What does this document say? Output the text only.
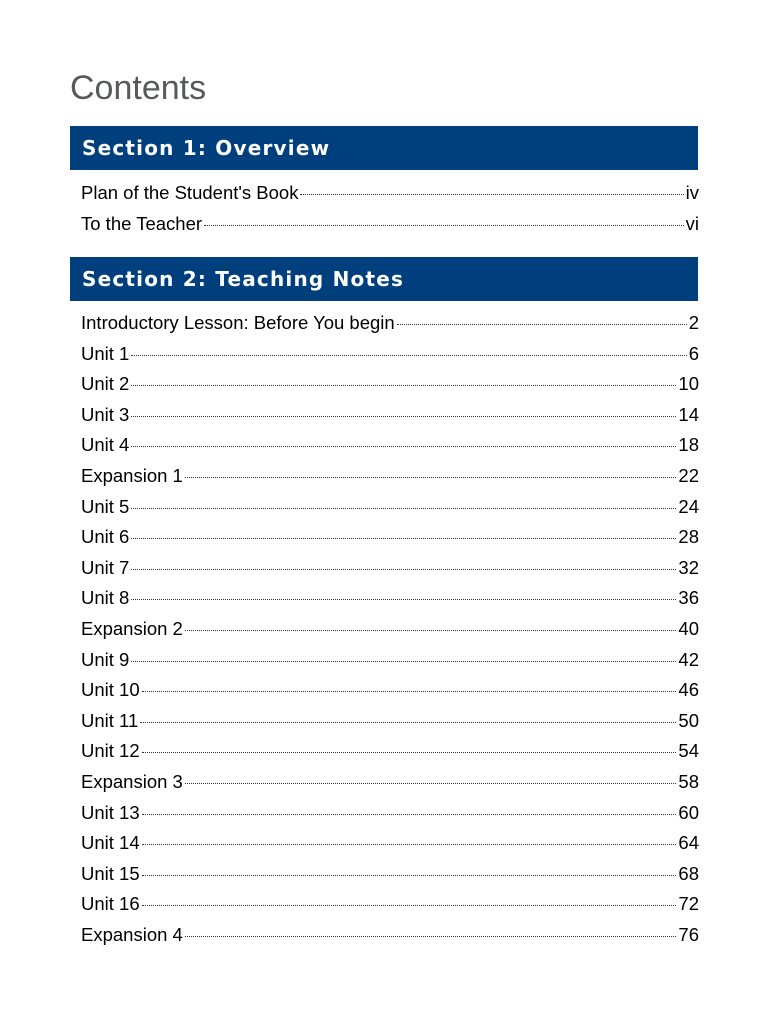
Contents
Section 1: Overview
Plan of the Student's Book	iv
To the Teacher	vi
Section 2: Teaching Notes
Introductory Lesson: Before You begin	2
Unit 1	6
Unit 2	10
Unit 3	14
Unit 4	18
Expansion 1	22
Unit 5	24
Unit 6	28
Unit 7	32
Unit 8	36
Expansion 2	40
Unit 9	42
Unit 10	46
Unit 11	50
Unit 12	54
Expansion 3	58
Unit 13	60
Unit 14	64
Unit 15	68
Unit 16	72
Expansion 4	76
